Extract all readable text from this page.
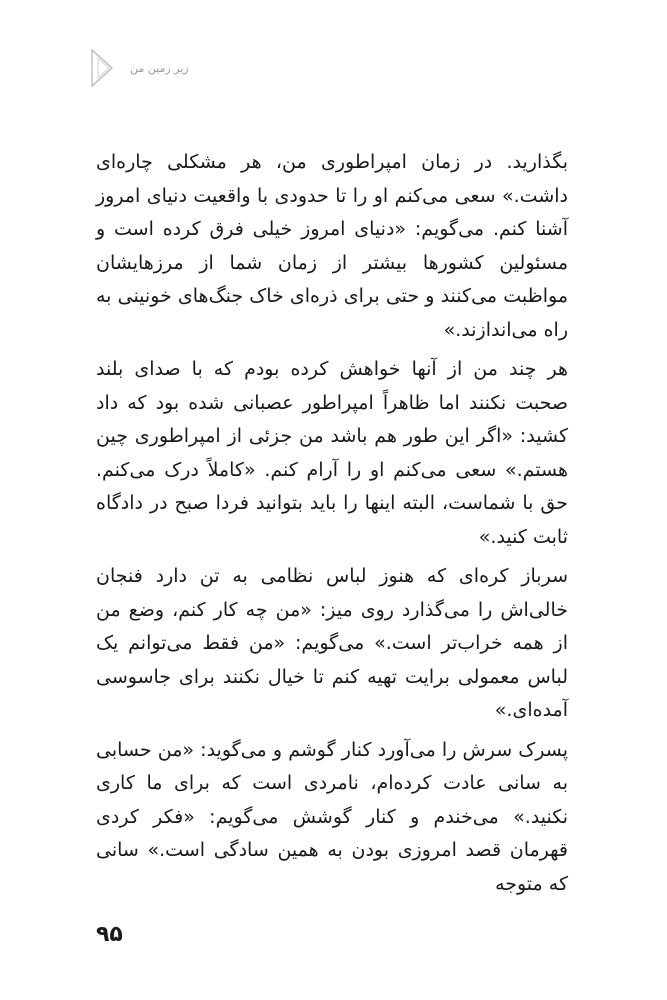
زیر زمین من

بگذارید. در زمان امپراطوری من، هر مشکلی چاره‌ای داشت.» سعی می‌کنم او را تا حدودی با واقعیت دنیای امروز آشنا کنم. می‌گویم: «دنیای امروز خیلی فرق کرده است و مسئولین کشورها بیشتر از زمان شما از مرزهایشان مواظبت می‌کنند و حتی برای ذره‌ای خاک جنگ‌های خونینی به راه می‌اندازند.»

هر چند من از آنها خواهش کرده بودم که با صدای بلند صحبت نکنند اما ظاهراً امپراطور عصبانی شده بود که داد کشید: «اگر این طور هم باشد من جزئی از امپراطوری چین هستم.» سعی می‌کنم او را آرام کنم. «کاملاً درک می‌کنم. حق با شماست، البته اینها را باید بتوانید فردا صبح در دادگاه ثابت کنید.»

سرباز کره‌ای که هنوز لباس نظامی به تن دارد فنجان خالی‌اش را می‌گذارد روی میز: «من چه کار کنم، وضع من از همه خراب‌تر است.» می‌گویم: «من فقط می‌توانم یک لباس معمولی برایت تهیه کنم تا خیال نکنند برای جاسوسی آمده‌ای.»

پسرک سرش را می‌آورد کنار گوشم و می‌گوید: «من حسابی به سانی عادت کرده‌ام، نامردی است که برای ما کاری نکنید.» می‌خندم و کنار گوشش می‌گویم: «فکر کردی قهرمان قصد امروزی بودن به همین سادگی است.» سانی که متوجه

۹۵
